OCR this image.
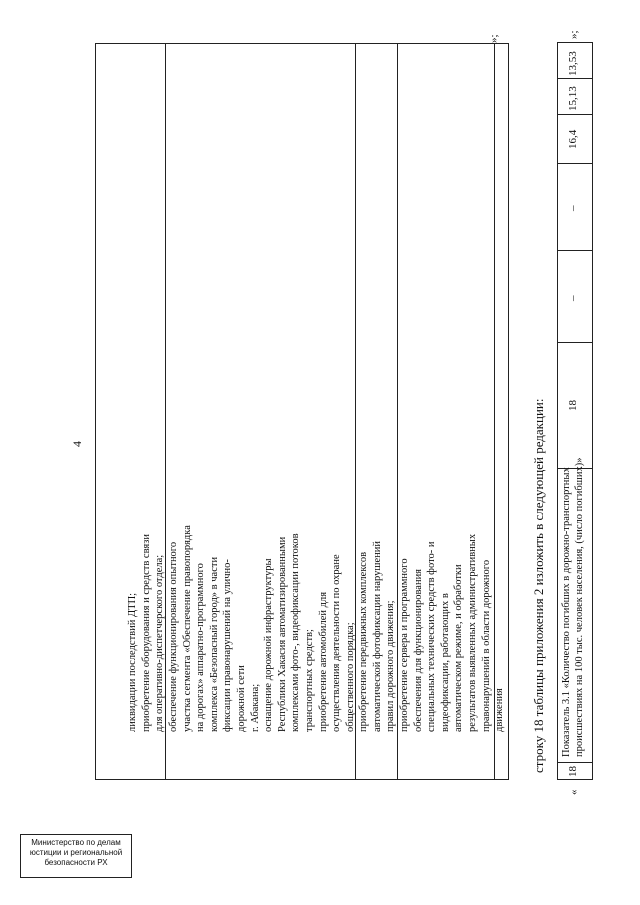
Министерство по делам
юстиции и региональной
безопасности РХ
4

ликвидации последствий ДТП; приобретение оборудования и средств связи для оперативно-диспетчерского отдела; обеспечение функционирования опытного участка сегмента «Обеспечение правопорядка на дорогах» аппаратно-программного комплекса «Безопасный город» в части фиксации правонарушений на улично- дорожной сети г. Абакана; оснащение дорожной инфраструктуры Республики Хакасия автоматизированными комплексами фото-, видеофиксации потоков транспортных средств; приобретение автомобилей для осуществления деятельности по охране общественного порядка; приобретение передвижных комплексов автоматической фотофиксации нарушений правил дорожного движения; приобретение сервера и программного обеспечения для функционирования специальных технических средств фото- и видеофиксации, работающих в автоматическом режиме, и обработки результатов выявленных административных правонарушений в области дорожного движения

»;
строку 18 таблицы приложения 2 изложить в следующей редакции:
«
18
Показатель 3.1 «Количество погибших в дорожно-транспортных происшествиях на 100 тыс. человек населения, (число погибших)»
18
–
–
16,4
15,13
13,53
»;
